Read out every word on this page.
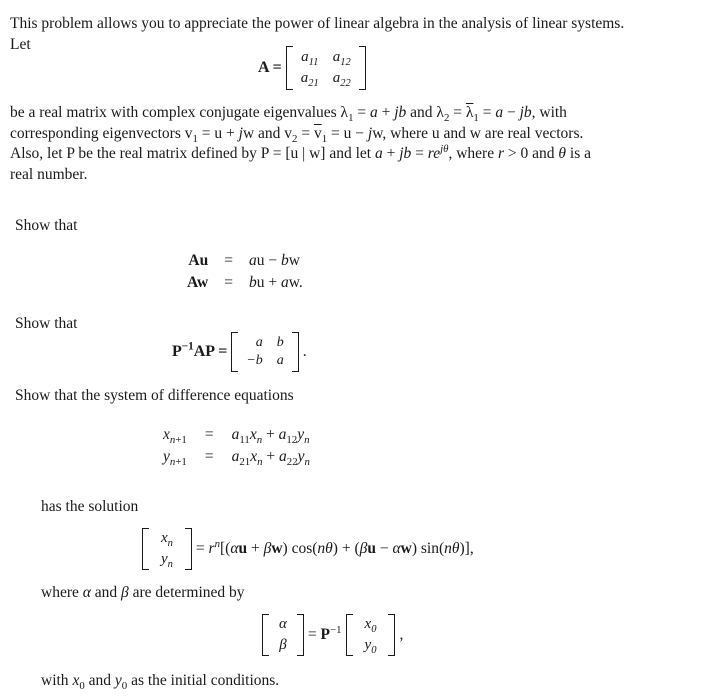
This problem allows you to appreciate the power of linear algebra in the analysis of linear systems.
Let
A =
$a_{11}$ $a_{12}$
$a_{21}$ $a_{22}$
be a real matrix with complex conjugate eigenvalues $\lambda_1 = a$ + jb and $\lambda_2 = \overline{\lambda}_1 = a$ − jb, with
corresponding eigenvectors $v_1 = u$ + jw and $v_2 = \overline{v}_1 = u$ − jw, where u and w are real vectors.
Also, let P be the real matrix defined by P = [u | w] and let a + jb = $re^{j\theta}$, where r > 0 and θ is a
real number.
Show that
Au = au − bw
Aw = bu + aw.
Show that
$P^{-1}AP$ =
a b
−b a
.
Show that the system of difference equations
$x_{n+1} = a_{11}x_n + a_{12}y_n$
$y_{n+1} = a_{21}x_n + a_{22}y_n$
has the solution
$x_n$
$y_n$
= $r^n[(\alpha u + \beta w) \cos(n\theta) + (\beta u - \alpha w)$ sin(nθ)],
where α and β are determined by
α
β
= $P^{-1}$ $x_0$
$y_0$
,
with $x_0$ and $y_0$ as the initial conditions.
